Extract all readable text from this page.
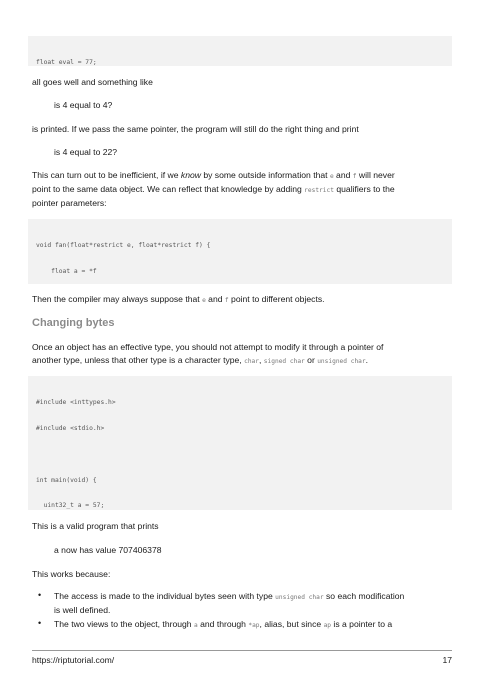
float eval = 77;

all goes well and something like
is 4 equal to 4?
is printed. If we pass the same pointer, the program will still do the right thing and print
is 4 equal to 22?
This can turn out to be inefficient, if we know by some outside information that e and f will never
point to the same data object. We can reflect that knowledge by adding restrict qualifiers to the
pointer parameters:

void fan(float*restrict e, float*restrict f) {

float a = *f

Then the compiler may always suppose that e and f point to different objects.
Changing bytes
Once an object has an effective type, you should not attempt to modify it through a pointer of
another type, unless that other type is a character type, char, signed char or unsigned char.

#include <inttypes.h>

#include <stdio.h>

int main(void) {

uint32_t a = 57;

This is a valid program that prints
a now has value 707406378
This works because:
• The access is made to the individual bytes seen with type unsigned char so each modification
is well defined.
• The two views to the object, through a and through *ap, alias, but since ap is a pointer to a
https://riptutorial.com/	17
